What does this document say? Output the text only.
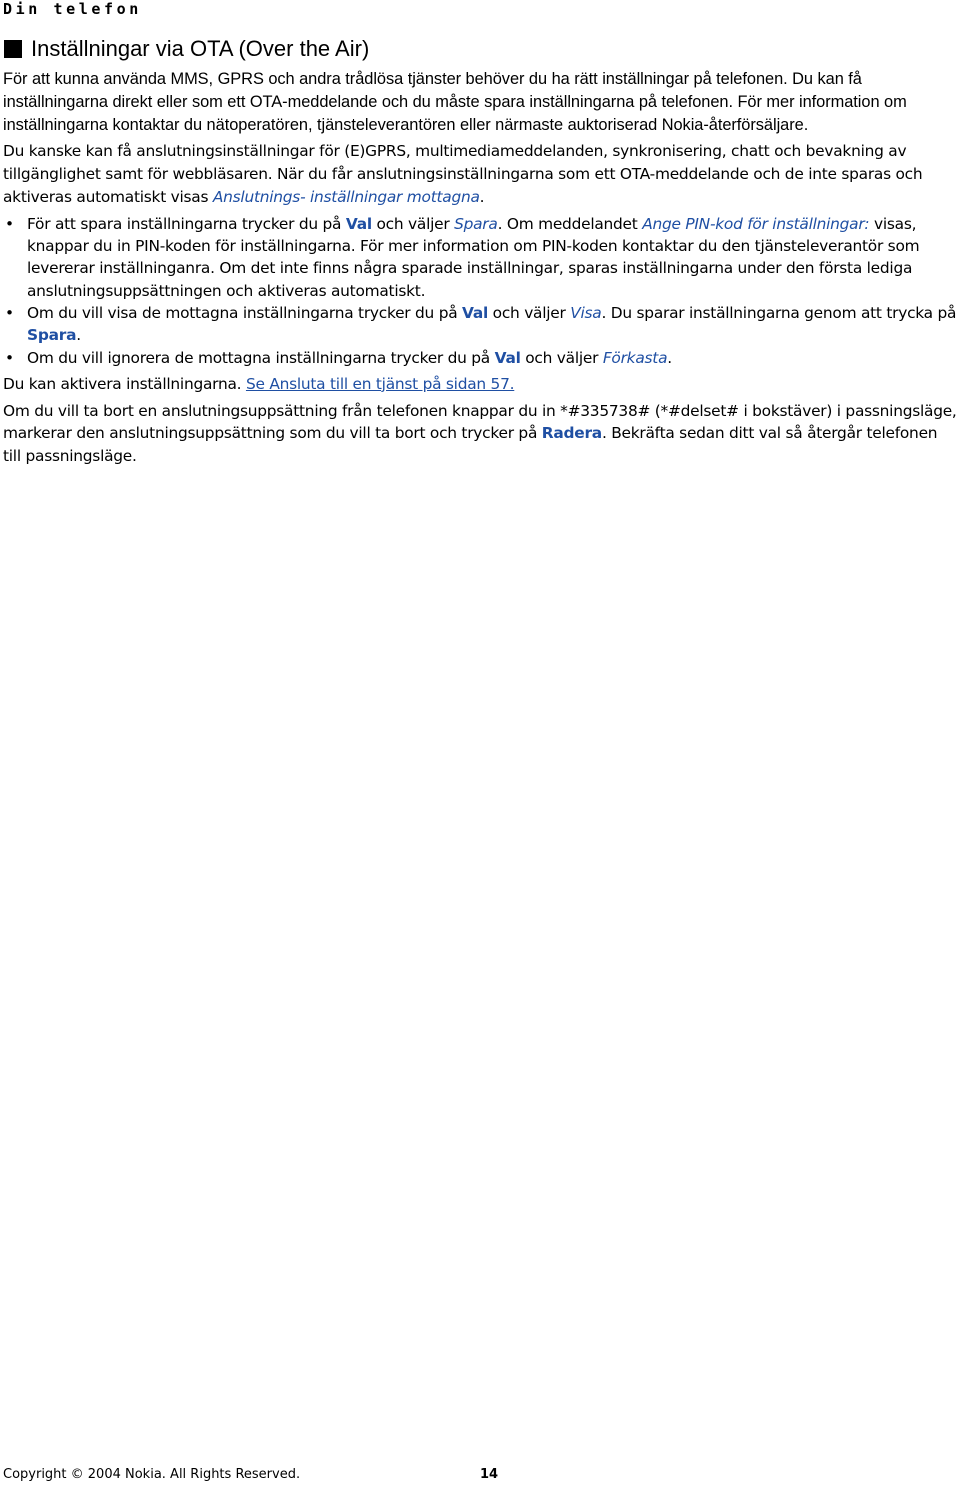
Din telefon
Inställningar via OTA (Over the Air)

För att kunna använda MMS, GPRS och andra trådlösa tjänster behöver du ha rätt inställningar på telefonen. Du kan få inställningarna direkt eller som ett OTA-meddelande och du måste spara inställningarna på telefonen. För mer information om inställningarna kontaktar du nätoperatören, tjänsteleverantören eller närmaste auktoriserad Nokia-återförsäljare.

Du kanske kan få anslutningsinställningar för (E)GPRS, multimediameddelanden, synkronisering, chatt och bevakning av tillgänglighet samt för webbläsaren. När du får anslutningsinställningarna som ett OTA-meddelande och de inte sparas och aktiveras automatiskt visas Anslutnings- inställningar mottagna.

• För att spara inställningarna trycker du på Val och väljer Spara. Om meddelandet Ange PIN-kod för inställningar: visas, knappar du in PIN-koden för inställningarna. För mer information om PIN-koden kontaktar du den tjänsteleverantör som levererar inställninganra. Om det inte finns några sparade inställningar, sparas inställningarna under den första lediga anslutningsuppsättningen och aktiveras automatiskt.
• Om du vill visa de mottagna inställningarna trycker du på Val och väljer Visa. Du sparar inställningarna genom att trycka på Spara.
• Om du vill ignorera de mottagna inställningarna trycker du på Val och väljer Förkasta.

Du kan aktivera inställningarna. Se Ansluta till en tjänst på sidan 57.

Om du vill ta bort en anslutningsuppsättning från telefonen knappar du in *#335738# (*#delset# i bokstäver) i passningsläge, markerar den anslutningsuppsättning som du vill ta bort och trycker på Radera. Bekräfta sedan ditt val så återgår telefonen till passningsläge.

Copyright © 2004 Nokia. All Rights Reserved.	14
